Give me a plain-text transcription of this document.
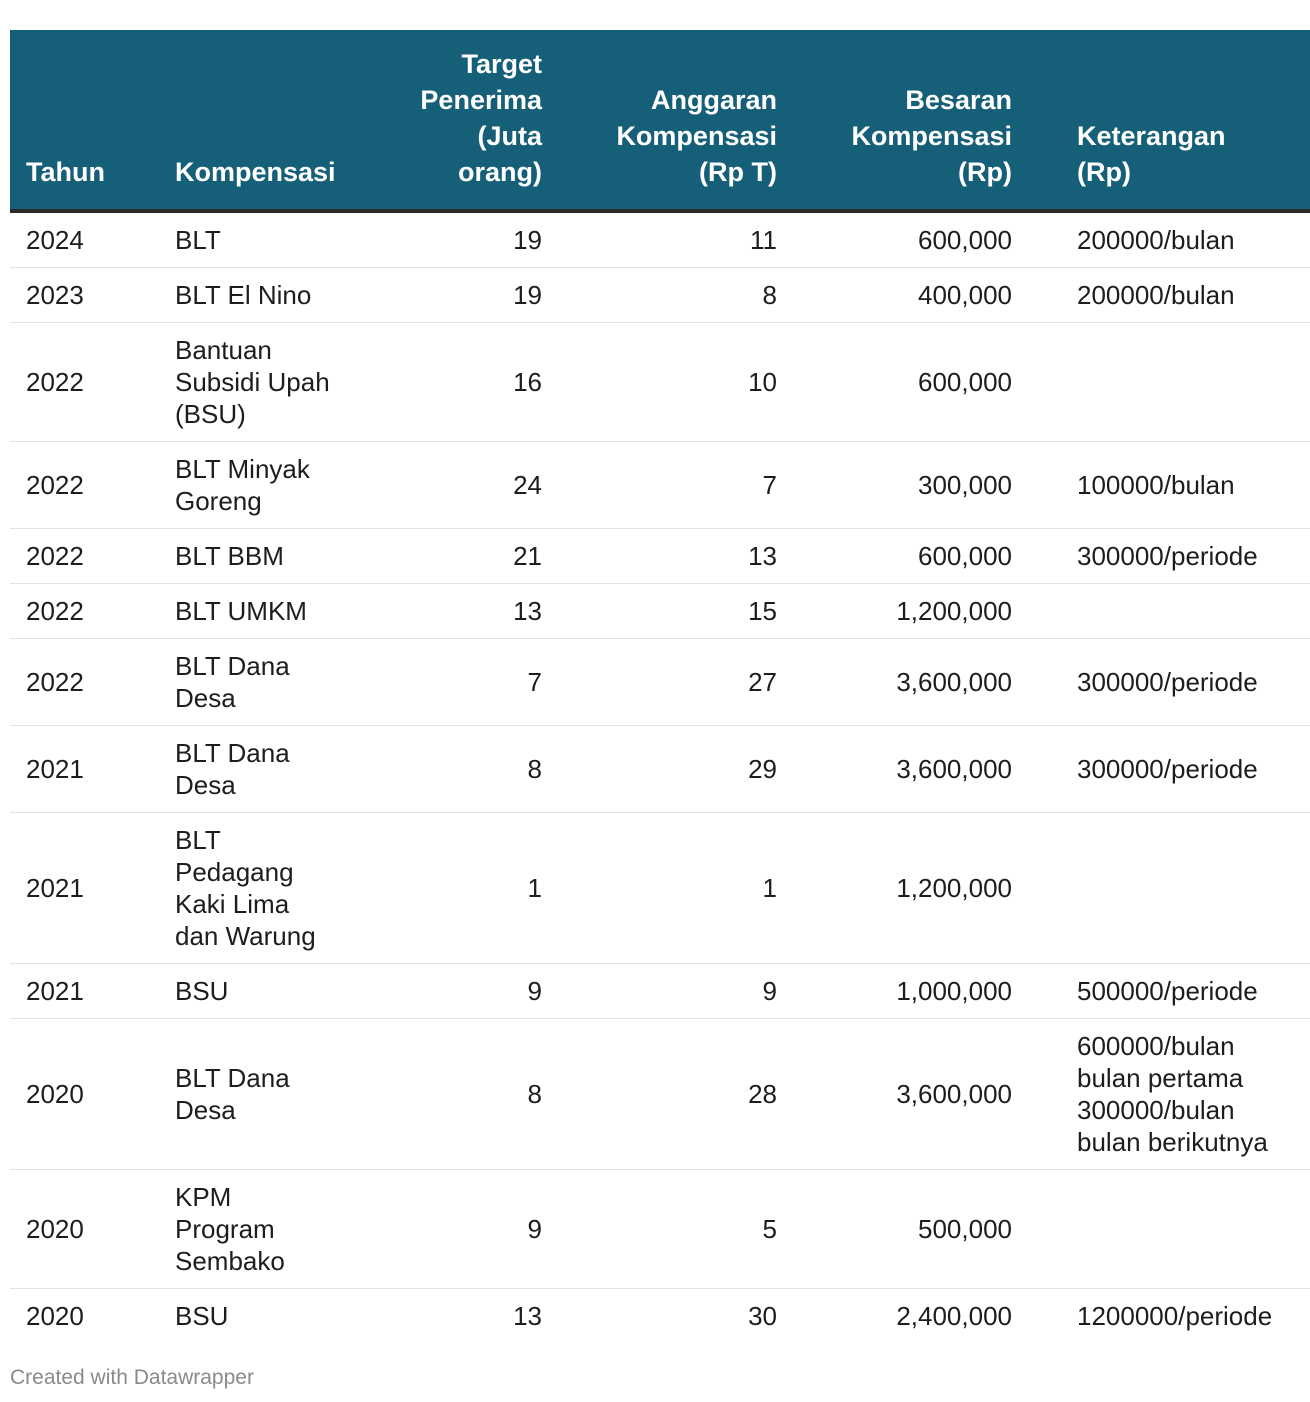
Tahun	Kompensasi	Target
Penerima
(Juta
orang)	Anggaran
Kompensasi
(Rp T)	Besaran
Kompensasi
(Rp)	Keterangan
(Rp)

2024	BLT	19	11	600,000	200000/bulan

2023	BLT El Nino	19	8	400,000	200000/bulan

2022	Bantuan
Subsidi Upah
(BSU)	16	10	600,000	
2022	BLT Minyak
Goreng	24	7	300,000	100000/bulan

2022	BLT BBM	21	13	600,000	300000/periode

2022	BLT UMKM	13	15	1,200,000	
2022	BLT Dana
Desa	7	27	3,600,000	300000/periode

2021	BLT Dana
Desa	8	29	3,600,000	300000/periode

2021	BLT
Pedagang
Kaki Lima
dan Warung	1	1	1,200,000	
2021	BSU	9	9	1,000,000	500000/periode

2020	BLT Dana
Desa	8	28	3,600,000	600000/bulan
bulan pertama
300000/bulan
bulan berikutnya

2020	KPM
Program
Sembako	9	5	500,000	
2020	BSU	13	30	2,400,000	1200000/periode
Created with Datawrapper
